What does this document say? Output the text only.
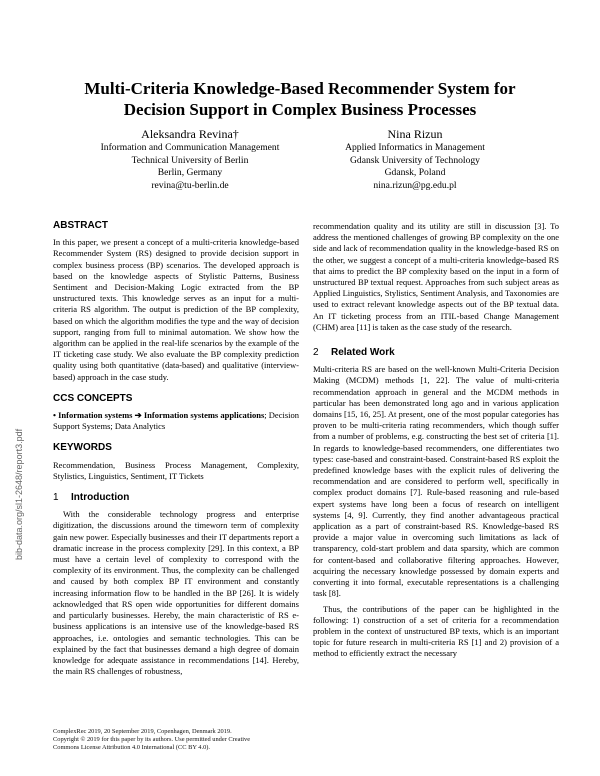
Multi-Criteria Knowledge-Based Recommender System for
Decision Support in Complex Business Processes
Aleksandra Revina†
Information and Communication Management
Technical University of Berlin
Berlin, Germany
revina@tu-berlin.de
Nina Rizun
Applied Informatics in Management
Gdansk University of Technology
Gdansk, Poland
nina.rizun@pg.edu.pl
ABSTRACT

In this paper, we present a concept of a multi-criteria knowledge-based Recommender System (RS) designed to provide decision support in complex business process (BP) scenarios. The developed approach is based on the knowledge aspects of Stylistic Patterns, Business Sentiment and Decision-Making Logic extracted from the BP unstructured texts. This knowledge serves as an input for a multi-criteria RS algorithm. The output is prediction of the BP complexity, based on which the algorithm modifies the type and the way of decision support, ranging from full to minimal automation. We show how the algorithm can be applied in the real-life scenarios by the example of the IT ticketing case study. We also evaluate the BP complexity prediction quality using both quantitative (data-based) and qualitative (interview-based) approach in the case study.

CCS CONCEPTS

• Information systems ➔ Information systems applications; Decision Support Systems; Data Analytics

KEYWORDS

Recommendation, Business Process Management, Complexity, Stylistics, Linguistics, Sentiment, IT Tickets

1 Introduction

With the considerable technology progress and enterprise digitization, the discussions around the timeworn term of complexity gain new power. Especially businesses and their IT departments report a dramatic increase in the process complexity [29]. In this context, a BP must have a certain level of complexity to correspond with the complexity of its environment. Thus, the complexity can be challenged and caused by both complex BP IT environment and constantly increasing information flow to be handled in the BP [26]. It is widely acknowledged that RS open wide opportunities for different domains and particularly businesses. Hereby, the main characteristic of RS e-business applications is an intensive use of the knowledge-based RS approaches, i.e. ontologies and semantic technologies. This can be explained by the fact that businesses demand a high degree of domain knowledge for adequate assistance in recommendations [14]. Hereby, the main RS challenges of robustness,

recommendation quality and its utility are still in discussion [3]. To address the mentioned challenges of growing BP complexity on the one side and lack of recommendation quality in the knowledge-based RS on the other, we suggest a concept of a multi-criteria knowledge-based RS that aims to predict the BP complexity based on the input in a form of unstructured BP textual request. Approaches from such subject areas as Applied Linguistics, Stylistics, Sentiment Analysis, and Taxonomies are used to extract relevant knowledge aspects out of the BP textual data. An IT ticketing process from an ITIL-based Change Management (CHM) area [11] is taken as the case study of the research.

2 Related Work

Multi-criteria RS are based on the well-known Multi-Criteria Decision Making (MCDM) methods [1, 22]. The value of multi-criteria recommendation approach in general and the MCDM methods in particular has been demonstrated long ago and in various application domains [15, 16, 25]. At present, one of the most popular categories has proven to be multi-criteria rating recommenders, which though suffer from a number of problems, e.g. constructing the best set of criteria [1]. In regards to knowledge-based recommenders, one differentiates two types: case-based and constraint-based. Constraint-based RS exploit the predefined knowledge bases with the explicit rules of delivering the recommendation and are considered to perform well, specifically in complex product domains [7]. Rule-based reasoning and rule-based expert systems have long been a focus of research on intelligent systems [4, 9]. Currently, they find another advantageous practical application as a part of constraint-based RS. Knowledge-based RS provide a major value in overcoming such limitations as lack of transparency, cold-start problem and data sparsity, which are common for content-based and collaborative filtering approaches. However, acquiring the necessary knowledge possessed by domain experts and converting it into formal, executable representations is a challenging task [8].

Thus, the contributions of the paper can be highlighted in the following: 1) construction of a set of criteria for a recommendation problem in the context of unstructured BP texts, which is an important topic for future research in multi-criteria RS [1] and 2) provision of a method to efficiently extract the necessary

ComplexRec 2019, 20 September 2019, Copenhagen, Denmark 2019.
Copyright © 2019 for this paper by its authors. Use permitted under Creative
Commons License Attribution 4.0 International (CC BY 4.0).
bib-data.org/sl1-2648/report3.pdf
